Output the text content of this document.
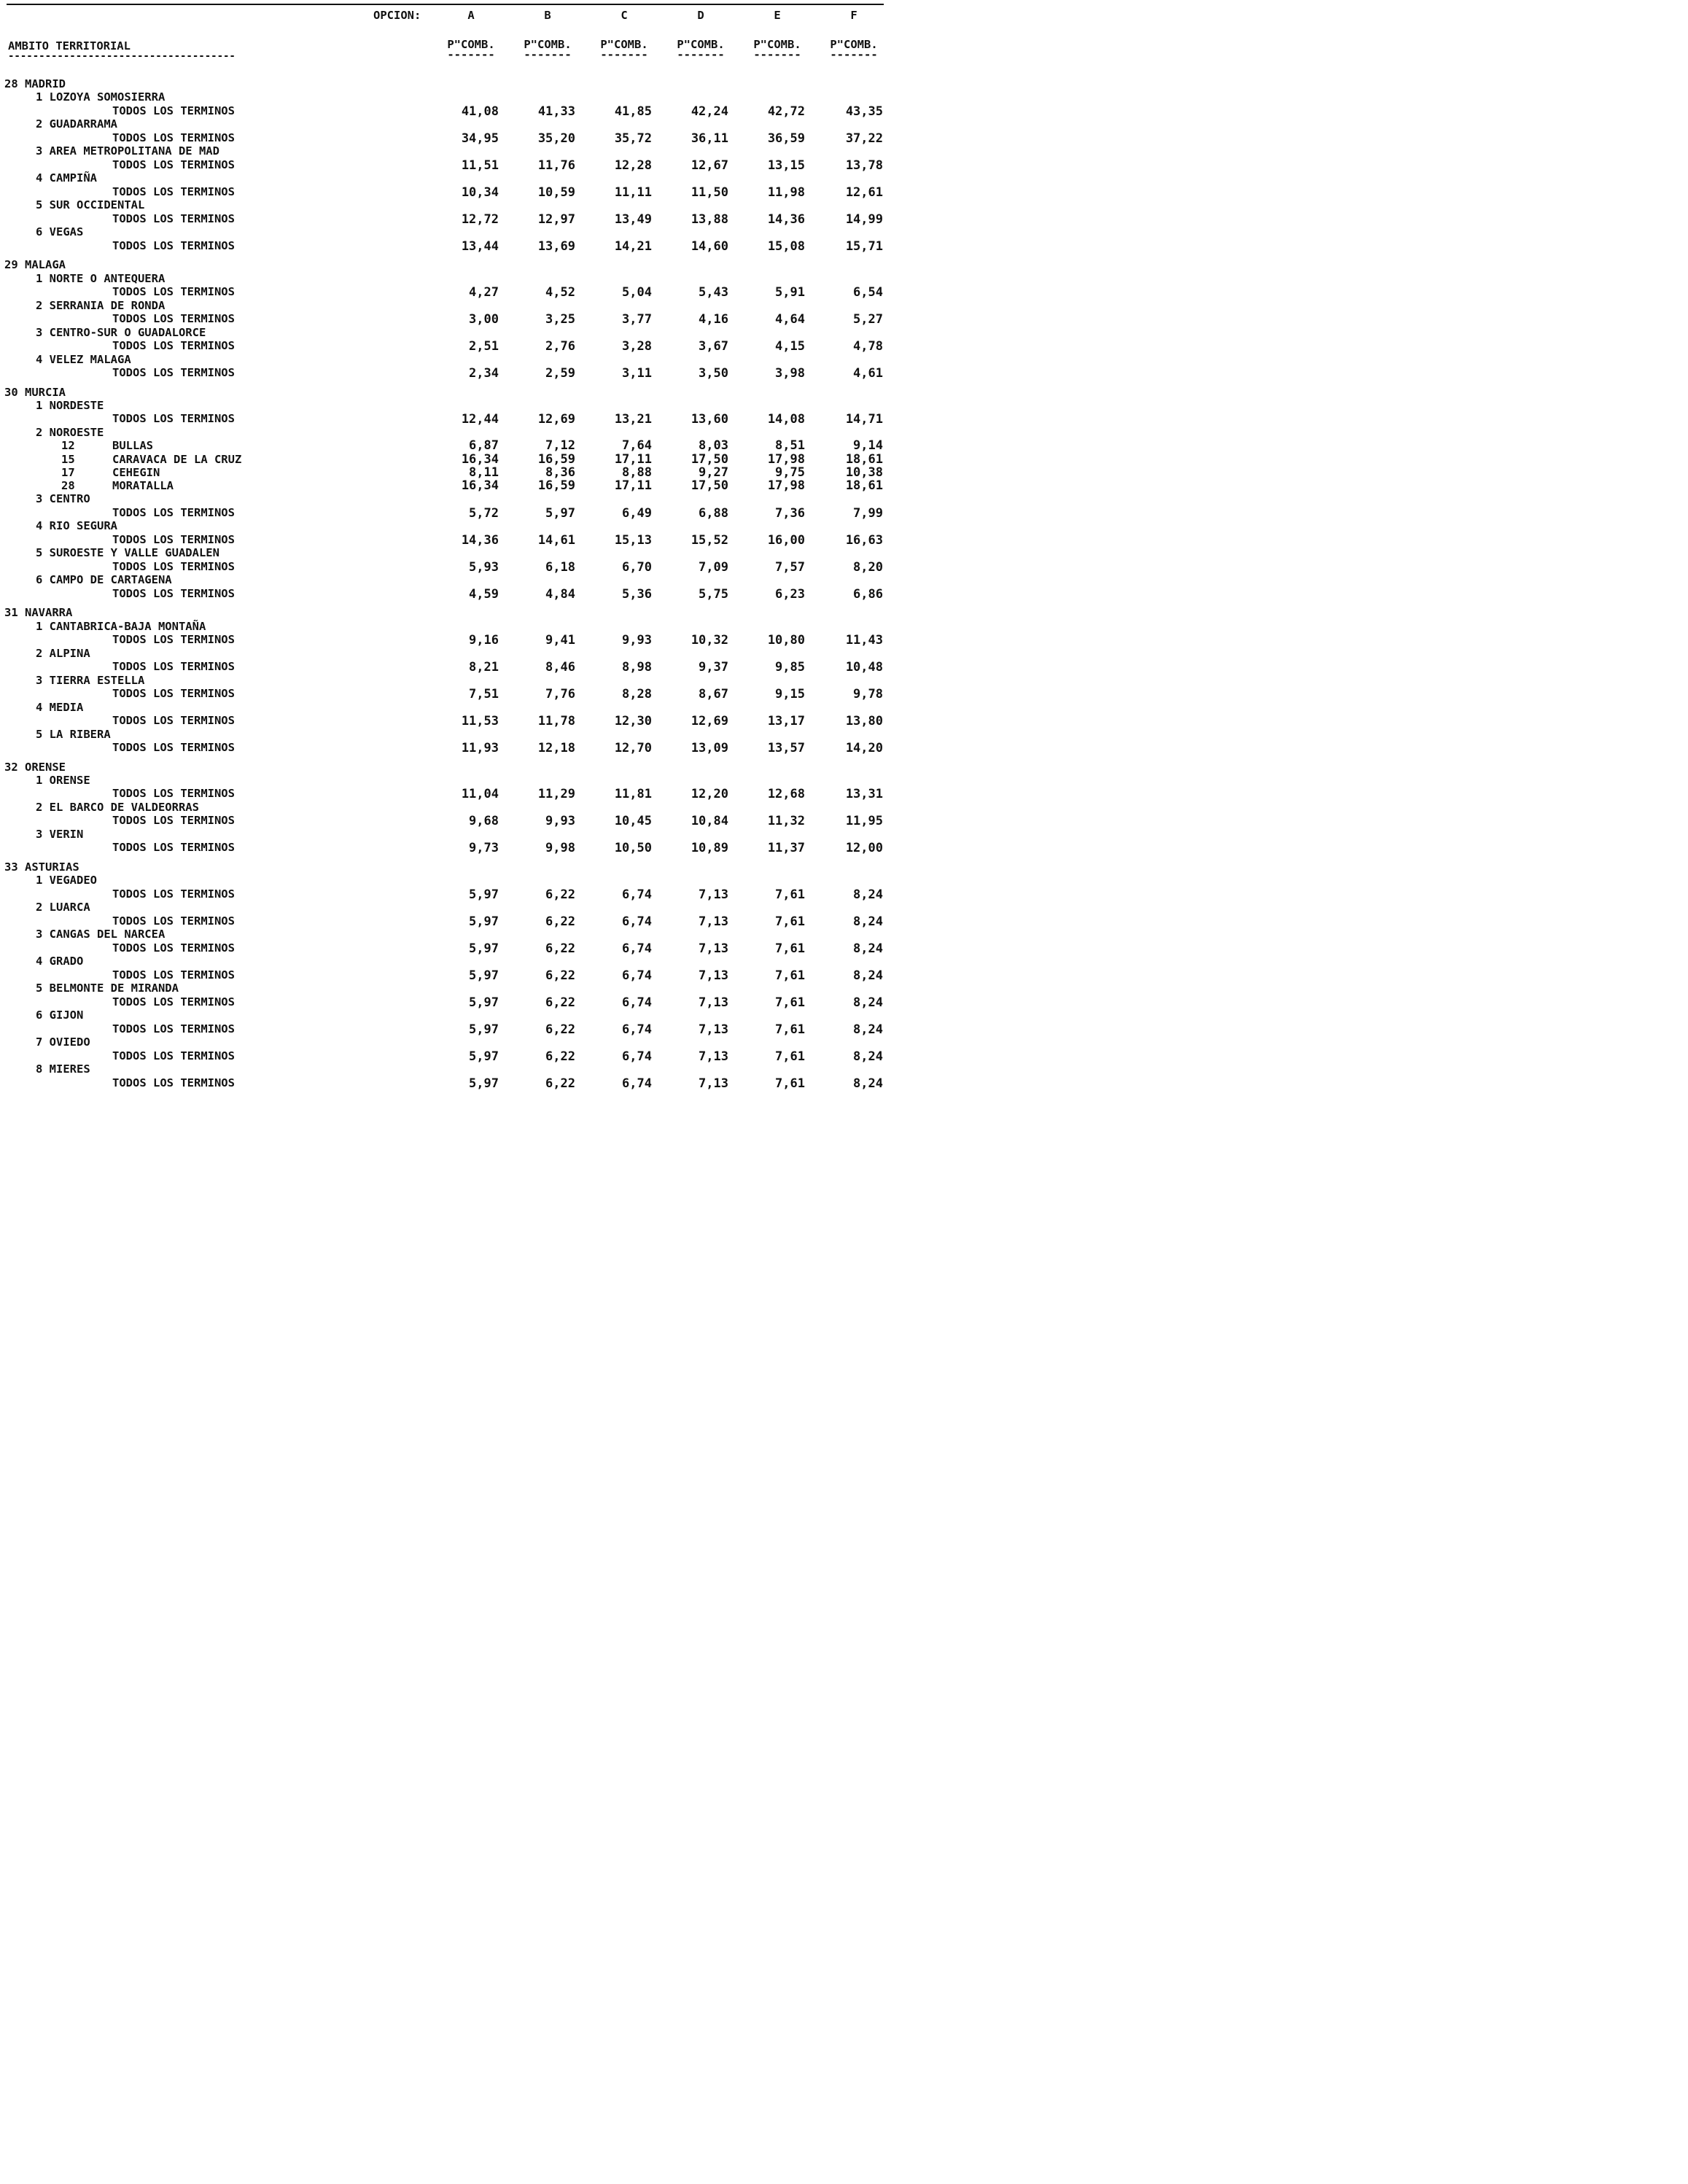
OPCION:	A	B	C	D	E	F
AMBITO TERRITORIAL
-------------------------------------
P"COMB.	P"COMB.	P"COMB.	P"COMB.	P"COMB.	P"COMB.
-------	-------	-------	-------	-------	-------
28 MADRID
1 LOZOYA SOMOSIERRA
TODOS LOS TERMINOS	41,08	41,33	41,85	42,24	42,72	43,35
2 GUADARRAMA
TODOS LOS TERMINOS	34,95	35,20	35,72	36,11	36,59	37,22
3 AREA METROPOLITANA DE MAD
TODOS LOS TERMINOS	11,51	11,76	12,28	12,67	13,15	13,78
4 CAMPIÑA
TODOS LOS TERMINOS	10,34	10,59	11,11	11,50	11,98	12,61
5 SUR OCCIDENTAL
TODOS LOS TERMINOS	12,72	12,97	13,49	13,88	14,36	14,99
6 VEGAS
TODOS LOS TERMINOS	13,44	13,69	14,21	14,60	15,08	15,71
29 MALAGA
1 NORTE O ANTEQUERA
TODOS LOS TERMINOS	4,27	4,52	5,04	5,43	5,91	6,54
2 SERRANIA DE RONDA
TODOS LOS TERMINOS	3,00	3,25	3,77	4,16	4,64	5,27
3 CENTRO-SUR O GUADALORCE
TODOS LOS TERMINOS	2,51	2,76	3,28	3,67	4,15	4,78
4 VELEZ MALAGA
TODOS LOS TERMINOS	2,34	2,59	3,11	3,50	3,98	4,61
30 MURCIA
1 NORDESTE
TODOS LOS TERMINOS	12,44	12,69	13,21	13,60	14,08	14,71
2 NOROESTE
12	BULLAS	6,87	7,12	7,64	8,03	8,51	9,14
15	CARAVACA DE LA CRUZ	16,34	16,59	17,11	17,50	17,98	18,61
17	CEHEGIN	8,11	8,36	8,88	9,27	9,75	10,38
28	MORATALLA	16,34	16,59	17,11	17,50	17,98	18,61
3 CENTRO
TODOS LOS TERMINOS	5,72	5,97	6,49	6,88	7,36	7,99
4 RIO SEGURA
TODOS LOS TERMINOS	14,36	14,61	15,13	15,52	16,00	16,63
5 SUROESTE Y VALLE GUADALEN
TODOS LOS TERMINOS	5,93	6,18	6,70	7,09	7,57	8,20
6 CAMPO DE CARTAGENA
TODOS LOS TERMINOS	4,59	4,84	5,36	5,75	6,23	6,86
31 NAVARRA
1 CANTABRICA-BAJA MONTAÑA
TODOS LOS TERMINOS	9,16	9,41	9,93	10,32	10,80	11,43
2 ALPINA
TODOS LOS TERMINOS	8,21	8,46	8,98	9,37	9,85	10,48
3 TIERRA ESTELLA
TODOS LOS TERMINOS	7,51	7,76	8,28	8,67	9,15	9,78
4 MEDIA
TODOS LOS TERMINOS	11,53	11,78	12,30	12,69	13,17	13,80
5 LA RIBERA
TODOS LOS TERMINOS	11,93	12,18	12,70	13,09	13,57	14,20
32 ORENSE
1 ORENSE
TODOS LOS TERMINOS	11,04	11,29	11,81	12,20	12,68	13,31
2 EL BARCO DE VALDEORRAS
TODOS LOS TERMINOS	9,68	9,93	10,45	10,84	11,32	11,95
3 VERIN
TODOS LOS TERMINOS	9,73	9,98	10,50	10,89	11,37	12,00
33 ASTURIAS
1 VEGADEO
TODOS LOS TERMINOS	5,97	6,22	6,74	7,13	7,61	8,24
2 LUARCA
TODOS LOS TERMINOS	5,97	6,22	6,74	7,13	7,61	8,24
3 CANGAS DEL NARCEA
TODOS LOS TERMINOS	5,97	6,22	6,74	7,13	7,61	8,24
4 GRADO
TODOS LOS TERMINOS	5,97	6,22	6,74	7,13	7,61	8,24
5 BELMONTE DE MIRANDA
TODOS LOS TERMINOS	5,97	6,22	6,74	7,13	7,61	8,24
6 GIJON
TODOS LOS TERMINOS	5,97	6,22	6,74	7,13	7,61	8,24
7 OVIEDO
TODOS LOS TERMINOS	5,97	6,22	6,74	7,13	7,61	8,24
8 MIERES
TODOS LOS TERMINOS	5,97	6,22	6,74	7,13	7,61	8,24
